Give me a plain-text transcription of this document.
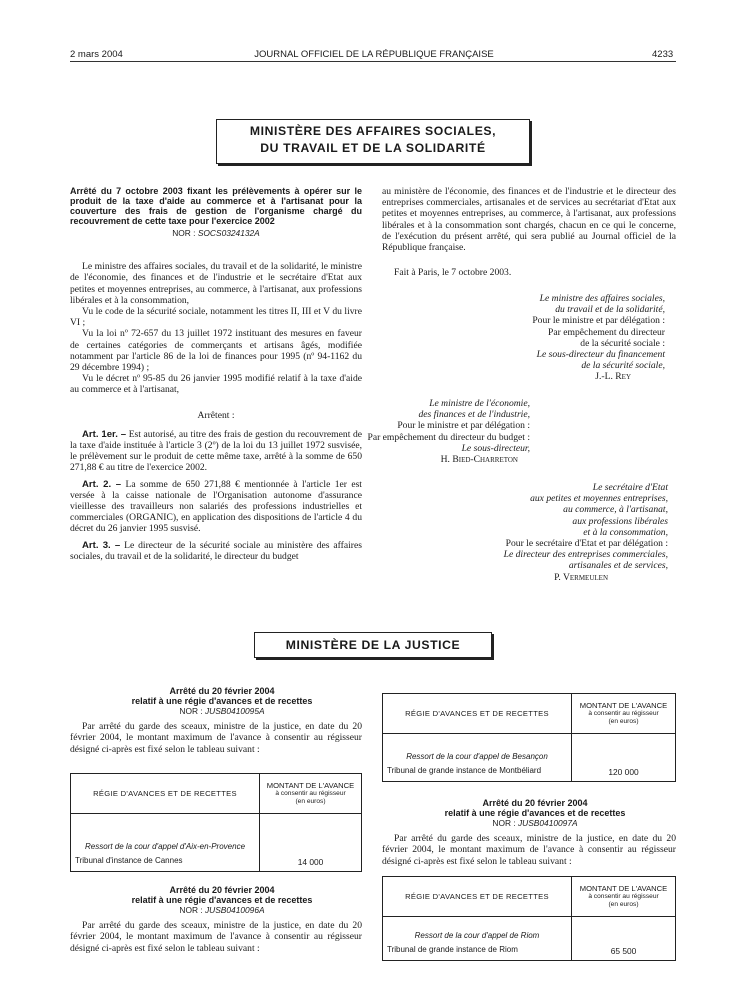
2 mars 2004	JOURNAL OFFICIEL DE LA RÉPUBLIQUE FRANÇAISE	4233
MINISTÈRE DES AFFAIRES SOCIALES,
DU TRAVAIL ET DE LA SOLIDARITÉ

Arrêté du 7 octobre 2003 fixant les prélèvements à opérer sur le produit de la taxe d'aide au commerce et à l'artisanat pour la couverture des frais de gestion de l'organisme chargé du recouvrement de cette taxe pour l'exercice 2002

NOR : SOCS0324132A

Le ministre des affaires sociales, du travail et de la solidarité, le ministre de l'économie, des finances et de l'industrie et le secrétaire d'Etat aux petites et moyennes entreprises, au commerce, à l'artisanat, aux professions libérales et à la consommation,

Vu le code de la sécurité sociale, notamment les titres II, III et V du livre VI ;

Vu la loi nº 72-657 du 13 juillet 1972 instituant des mesures en faveur de certaines catégories de commerçants et artisans âgés, modifiée notamment par l'article 86 de la loi de finances pour 1995 (nº 94-1162 du 29 décembre 1994) ;

Vu le décret nº 95-85 du 26 janvier 1995 modifié relatif à la taxe d'aide au commerce et à l'artisanat,

Arrêtent :

Art. 1er. – Est autorisé, au titre des frais de gestion du recouvrement de la taxe d'aide instituée à l'article 3 (2º) de la loi du 13 juillet 1972 susvisée, le prélèvement sur le produit de cette même taxe, arrêté à la somme de 650 271,88 € au titre de l'exercice 2002.

Art. 2. – La somme de 650 271,88 € mentionnée à l'article 1er est versée à la caisse nationale de l'Organisation autonome d'assurance vieillesse des travailleurs non salariés des professions industrielles et commerciales (ORGANIC), en application des dispositions de l'article 4 du décret du 26 janvier 1995 susvisé.

Art. 3. – Le directeur de la sécurité sociale au ministère des affaires sociales, du travail et de la solidarité, le directeur du budget

au ministère de l'économie, des finances et de l'industrie et le directeur des entreprises commerciales, artisanales et de services au secrétariat d'Etat aux petites et moyennes entreprises, au commerce, à l'artisanat, aux professions libérales et à la consommation sont chargés, chacun en ce qui le concerne, de l'exécution du présent arrêté, qui sera publié au Journal officiel de la République française.

Fait à Paris, le 7 octobre 2003.

Le ministre des affaires sociales,
du travail et de la solidarité,
Pour le ministre et par délégation :
Par empêchement du directeur
de la sécurité sociale :
Le sous-directeur du financement
de la sécurité sociale,
J.-L. Rey
Le ministre de l'économie,
des finances et de l'industrie,
Pour le ministre et par délégation :
Par empêchement du directeur du budget :
Le sous-directeur,
H. Bied-Charreton
Le secrétaire d'Etat
aux petites et moyennes entreprises,
au commerce, à l'artisanat,
aux professions libérales
et à la consommation,
Pour le secrétaire d'Etat et par délégation :
Le directeur des entreprises commerciales,
artisanales et de services,
P. Vermeulen
MINISTÈRE DE LA JUSTICE

Arrêté du 20 février 2004

relatif à une régie d'avances et de recettes

NOR : JUSB0410095A

Par arrêté du garde des sceaux, ministre de la justice, en date du 20 février 2004, le montant maximum de l'avance à consentir au régisseur désigné ci-après est fixé selon le tableau suivant :

RÉGIE D'AVANCES ET DE RECETTES	MONTANT DE L'AVANCE
à consentir au régisseur
(en euros)

Ressort de la cour d'appel d'Aix-en-Provence
Tribunal d'instance de Cannes	14 000

Arrêté du 20 février 2004

relatif à une régie d'avances et de recettes

NOR : JUSB0410096A

Par arrêté du garde des sceaux, ministre de la justice, en date du 20 février 2004, le montant maximum de l'avance à consentir au régisseur désigné ci-après est fixé selon le tableau suivant :

RÉGIE D'AVANCES ET DE RECETTES	MONTANT DE L'AVANCE
à consentir au régisseur
(en euros)

Ressort de la cour d'appel de Besançon
Tribunal de grande instance de Montbéliard	120 000

Arrêté du 20 février 2004

relatif à une régie d'avances et de recettes

NOR : JUSB0410097A

Par arrêté du garde des sceaux, ministre de la justice, en date du 20 février 2004, le montant maximum de l'avance à consentir au régisseur désigné ci-après est fixé selon le tableau suivant :

RÉGIE D'AVANCES ET DE RECETTES	MONTANT DE L'AVANCE
à consentir au régisseur
(en euros)

Ressort de la cour d'appel de Riom
Tribunal de grande instance de Riom	65 500
